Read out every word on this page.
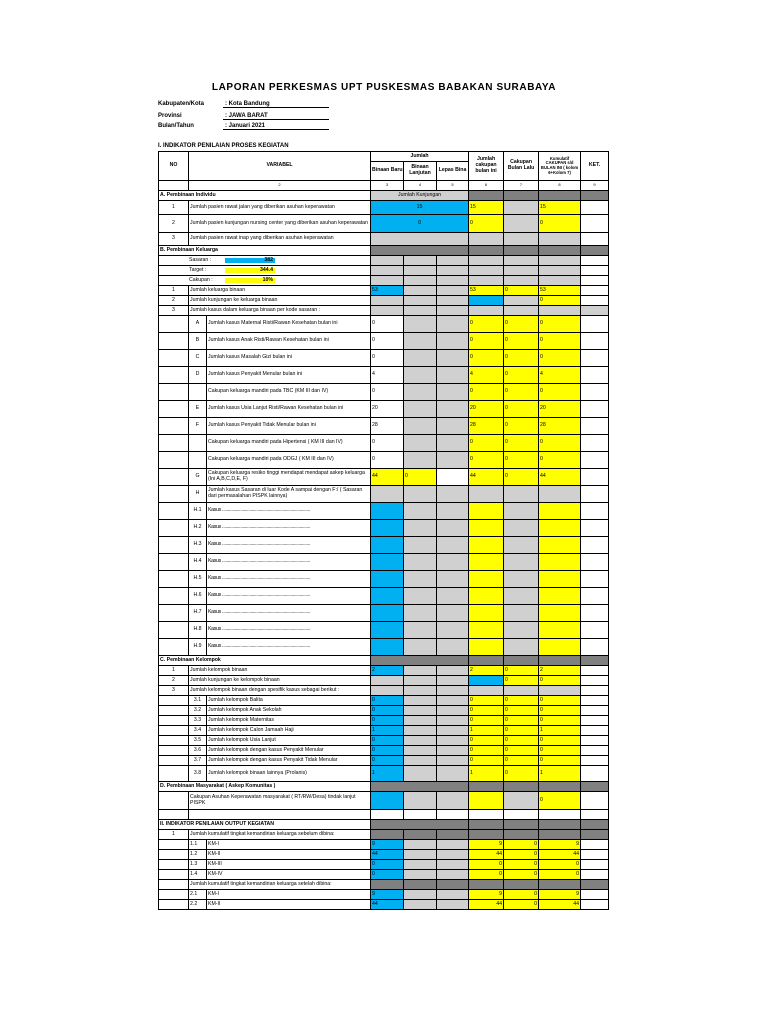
LAPORAN PERKESMAS UPT PUSKESMAS BABAKAN SURABAYA
Kabupaten/Kota	: Kota Bandung
Provinsi	: JAWA BARAT
Bulan/Tahun	: Januari 2021
I. INDIKATOR PENILAIAN PROSES KEGIATAN
NO	VARIABEL		Jumlah			Jumlah cakupan bulan ini	Cakupan Bulan Lalu	Kumulatif CAKUPAN s/d BULAN INI ( kolom 6+Kolom 7)	KET.
			Binaan Baru	Binaan Lanjutan	Lepas Bina				
	2		3	4	5	6	7	8	9
A. Pembinaan Individu			Jumlah Kunjungan						
1	Jumlah pasien rawat jalan yang diberikan asuhan keperawatan		15			15		15	
2	Jumlah pasien kunjungan nursing center yang diberikan asuhan keperawatan		0			0		0	
3	Jumlah pasien rawat inap yang diberikan asuhan keperawatan								
B. Pembinaan Keluarga									
Sasaran : 382									
Target : 344.4									
Cakupan : 10%									
1	Jumlah keluarga binaan		53			53	0	53	
2	Jumlah kunjungan ke keluarga binaan							0	
3	Jumlah kasus dalam keluarga binaan per kode sasaran :								
	A	Jumlah kasus Maternal Risti/Rawan Kesehatan bulan ini	0			0	0	0	
	B	Jumlah kasus Anak Risti/Rawan Kesehatan bulan ini	0			0	0	0	
	C	Jumlah kasus Masalah Gizi bulan ini	0			0	0	0	
	D	Jumlah kasus Penyakit Menular bulan ini	4			4	0	4	
		Cakupan keluarga mandiri pada TBC (KM III dan IV)	0			0	0	0	
	E	Jumlah kasus Usia Lanjut Risti/Rawan Kesehatan bulan ini	20			20	0	20	
	F	Jumlah kasus Penyakit Tidak Menular bulan ini	28			28	0	28	
		Cakupan keluarga mandiri pada Hipertensi ( KM III dan IV)	0			0	0	0	
		Cakupan keluarga mandiri pada ODGJ ( KM III dan IV)	0			0	0	0	
	G	Cakupan keluarga resiko tinggi mendapat mendapat askep keluarga (Ini A,B,C,D,E, F)	44	0		44	0	44	
	H	Jumlah kasus Sasaran di luar Kode A sampai dengan F:/ ( Sasaran dari permasalahan PISPK lainnya)							
	H.1	Kasus .............................................................................							
	H.2	Kasus .............................................................................							
	H.3	Kasus .............................................................................							
	H.4	Kasus .............................................................................							
	H.5	Kasus .............................................................................							
	H.6	Kasus .............................................................................							
	H.7	Kasus .............................................................................							
	H.8	Kasus .............................................................................							
	H.9	Kasus .............................................................................							
C. Pembinaan Kelompok									
1	Jumlah kelompok binaan		2			2	0	2	
2	Jumlah kunjungan ke kelompok binaan						0	0	
3	Jumlah kelompok binaan dengan spesifik kasus sebagai berikut :								
	3.1	Jumlah kelompok Balita	0			0	0	0	
	3.2	Jumlah kelompok Anak Sekolah	0			0	0	0	
	3.3	Jumlah kelompok Maternitas	0			0	0	0	
	3.4	Jumlah kelompok Calon Jamaah Haji	1			1	0	1	
	3.5	Jumlah kelompok Usia Lanjut	0			0	0	0	
	3.6	Jumlah kelompok dengan kasus Penyakit Menular	0			0	0	0	
	3.7	Jumlah kelompok dengan kasus Penyakit Tidak Menular	0			0	0	0	
	3.8	Jumlah kelompok binaan lainnya (Prolanis)	1			1	0	1	
D. Pembinaan Masyarakat ( Askep Komunitas )									
	Cakupan Asuhan Keperawatan masyarakat ( RT/RW/Desa) tindak lanjut PISPK							0	

II. INDIKATOR PENILAIAN OUTPUT KEGIATAN									
1	Jumlah kumulatif tingkat kemandirian keluarga sebelum dibina:								
	1.1	KM-I	9			9	0	9	
	1.2	KM-II	44			44	0	44	
	1.3	KM-III	0			0	0	0	
	1.4	KM-IV	0			0	0	0	
	Jumlah kumulatif tingkat kemandirian keluarga setelah dibina:								
	2.1	KM-I	9			9	0	9	
	2.2	KM-II	44			44	0	44	
